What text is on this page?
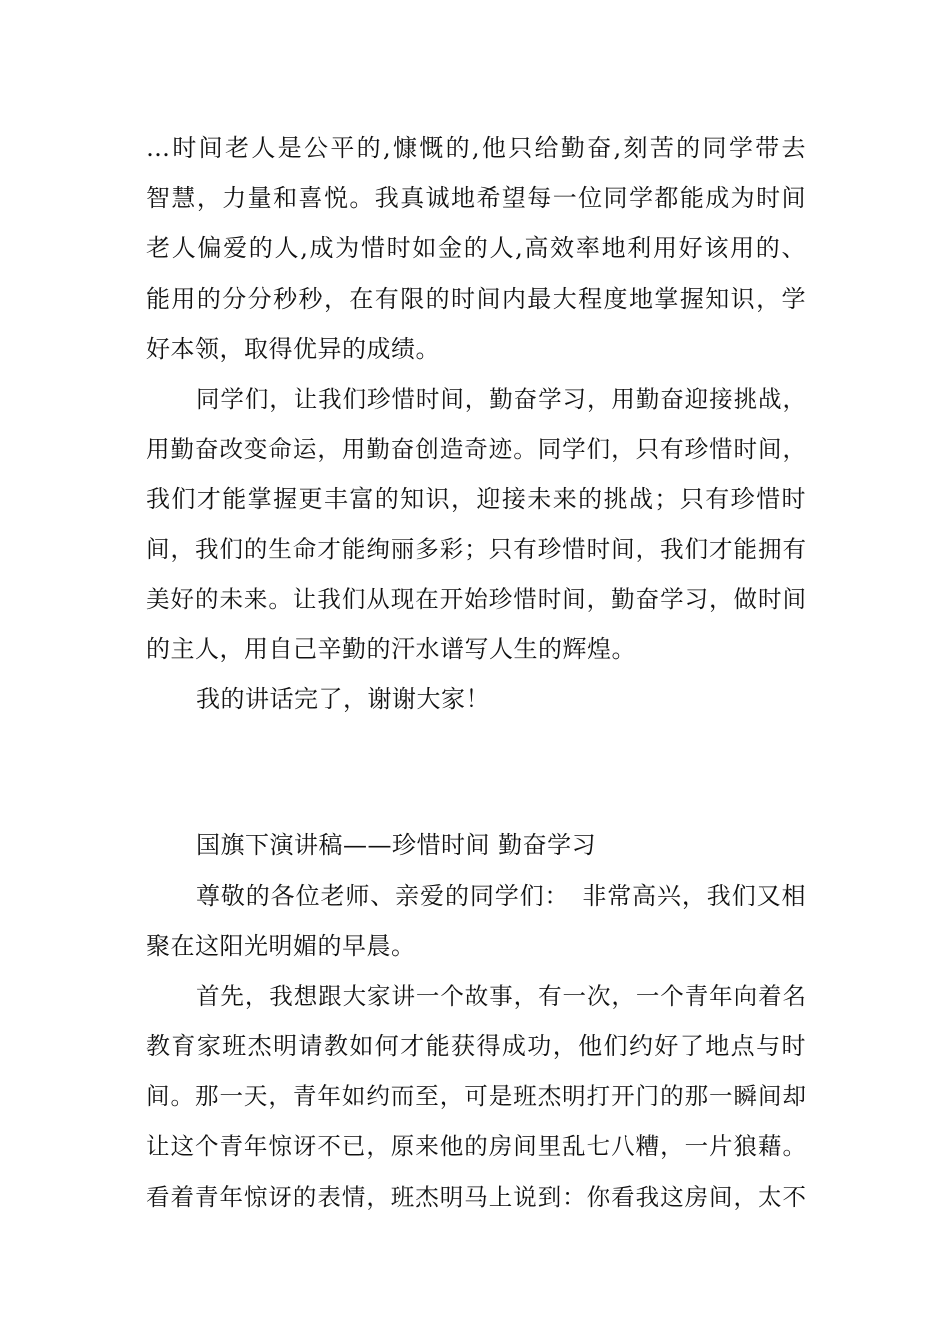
…时间老人是公平的,慷慨的,他只给勤奋,刻苦的同学带去
智慧，力量和喜悦。我真诚地希望每一位同学都能成为时间
老人偏爱的人,成为惜时如金的人,高效率地利用好该用的、
能用的分分秒秒，在有限的时间内最大程度地掌握知识，学
好本领，取得优异的成绩。
同学们，让我们珍惜时间，勤奋学习，用勤奋迎接挑战，
用勤奋改变命运，用勤奋创造奇迹。同学们，只有珍惜时间，
我们才能掌握更丰富的知识，迎接未来的挑战；只有珍惜时
间，我们的生命才能绚丽多彩；只有珍惜时间，我们才能拥有
美好的未来。让我们从现在开始珍惜时间，勤奋学习，做时间
的主人，用自己辛勤的汗水谱写人生的辉煌。
我的讲话完了，谢谢大家！
国旗下演讲稿——珍惜时间 勤奋学习
尊敬的各位老师、亲爱的同学们：　非常高兴，我们又相
聚在这阳光明媚的早晨。
首先，我想跟大家讲一个故事，有一次，一个青年向着名
教育家班杰明请教如何才能获得成功，他们约好了地点与时
间。那一天，青年如约而至，可是班杰明打开门的那一瞬间却
让这个青年惊讶不已，原来他的房间里乱七八糟，一片狼藉。
看着青年惊讶的表情，班杰明马上说到：你看我这房间，太不
